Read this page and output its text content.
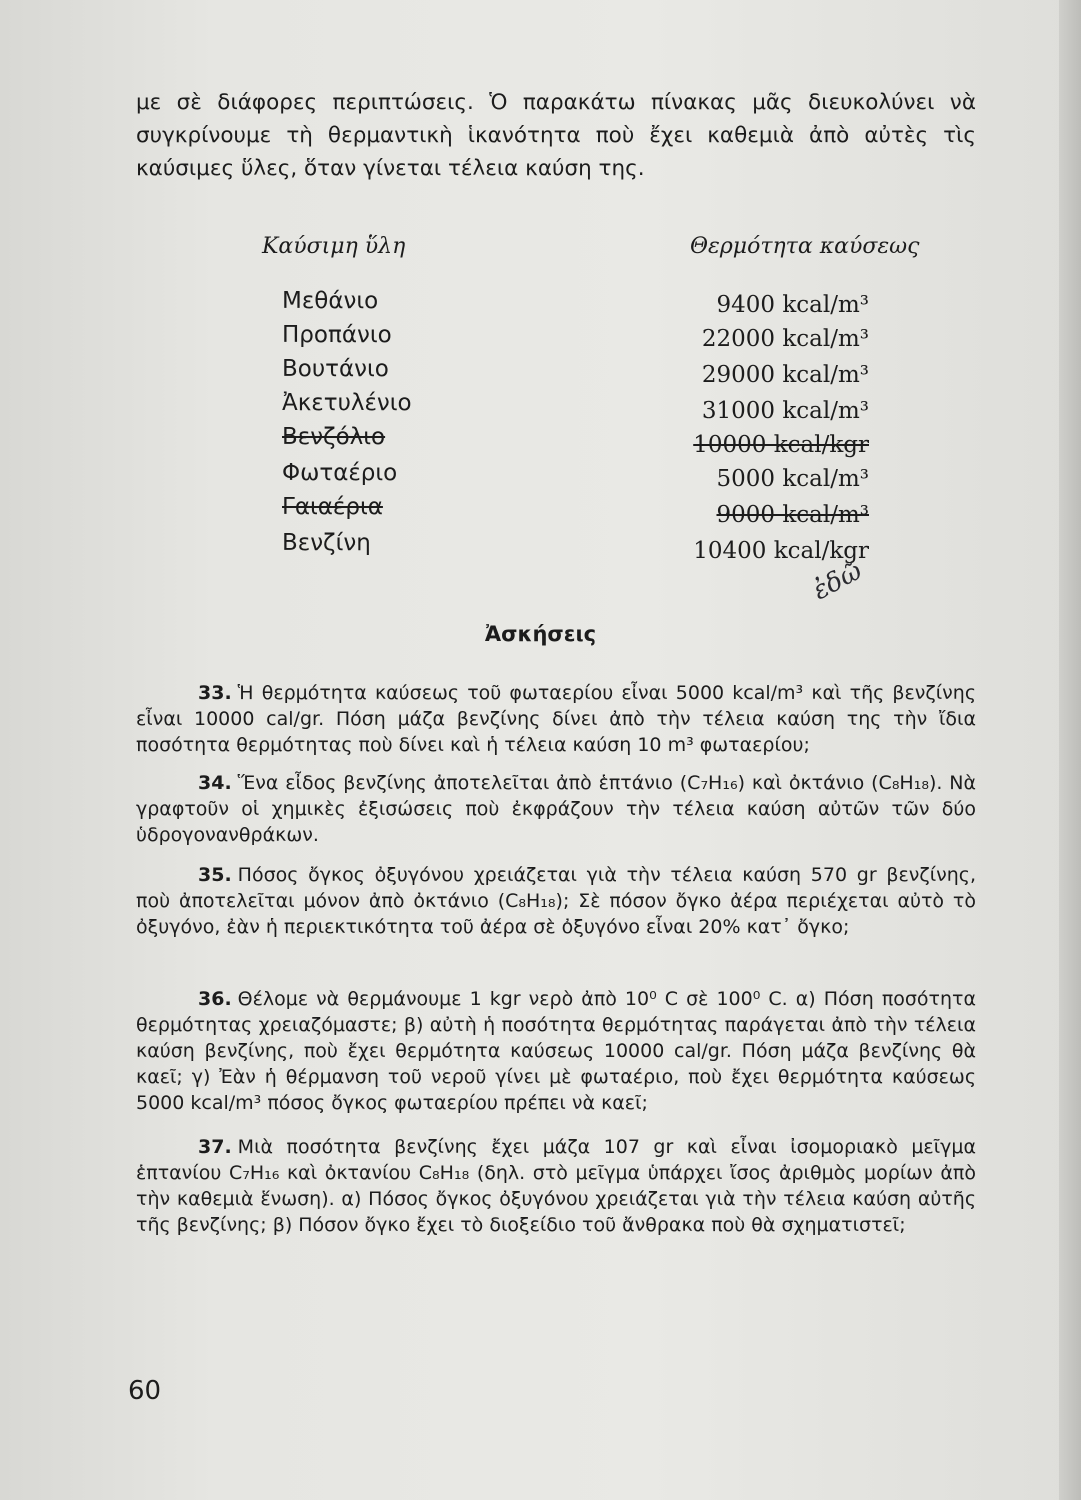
με σὲ διάφορες περιπτώσεις. Ὁ παρακάτω πίνακας μᾶς διευκολύνει νὰ συγκρίνουμε τὴ θερμαντικὴ ἱκανότητα ποὺ ἔχει καθεμιὰ ἀπὸ αὐτὲς τὶς καύσιμες ὕλες, ὅταν γίνεται τέλεια καύση της.

Καύσιμη ὕλη	Θερμότητα καύσεως
Μεθάνιο	9400 kcal/m³
Προπάνιο	22000 kcal/m³
Βουτάνιο	29000 kcal/m³
Ἀκετυλένιο	31000 kcal/m³
Βενζόλιο	10000 kcal/kgr
Φωταέριο	5000 kcal/m³
Γαιαέρια	9000 kcal/m³
Βενζίνη	10400 kcal/kgr
ἐδῶ
Ἀσκήσεις
33. Ἡ θερμότητα καύσεως τοῦ φωταερίου εἶναι 5000 kcal/m³ καὶ τῆς βενζίνης εἶναι 10000 cal/gr. Πόση μάζα βενζίνης δίνει ἀπὸ τὴν τέλεια καύση της τὴν ἴδια ποσότητα θερμότητας ποὺ δίνει καὶ ἡ τέλεια καύση 10 m³ φωταερίου;
34. Ἕνα εἶδος βενζίνης ἀποτελεῖται ἀπὸ ἑπτάνιο (C₇H₁₆) καὶ ὀκτάνιο (C₈H₁₈). Νὰ γραφτοῦν οἱ χημικὲς ἐξισώσεις ποὺ ἐκφράζουν τὴν τέλεια καύση αὐτῶν τῶν δύο ὑδρογονανθράκων.
35. Πόσος ὄγκος ὀξυγόνου χρειάζεται γιὰ τὴν τέλεια καύση 570 gr βενζίνης, ποὺ ἀποτελεῖται μόνον ἀπὸ ὀκτάνιο (C₈H₁₈); Σὲ πόσον ὄγκο ἀέρα περιέχεται αὐτὸ τὸ ὀξυγόνο, ἐὰν ἡ περιεκτικότητα τοῦ ἀέρα σὲ ὀξυγόνο εἶναι 20% κατ᾽ ὄγκο;
36. Θέλομε νὰ θερμάνουμε 1 kgr νερὸ ἀπὸ 10⁰ C σὲ 100⁰ C. α) Πόση ποσότητα θερμότητας χρειαζόμαστε; β) αὐτὴ ἡ ποσότητα θερμότητας παράγεται ἀπὸ τὴν τέλεια καύση βενζίνης, ποὺ ἔχει θερμότητα καύσεως 10000 cal/gr. Πόση μάζα βενζίνης θὰ καεῖ; γ) Ἐὰν ἡ θέρμανση τοῦ νεροῦ γίνει μὲ φωταέριο, ποὺ ἔχει θερμότητα καύσεως 5000 kcal/m³ πόσος ὄγκος φωταερίου πρέπει νὰ καεῖ;
37. Μιὰ ποσότητα βενζίνης ἔχει μάζα 107 gr καὶ εἶναι ἰσομοριακὸ μεῖγμα ἑπτανίου C₇H₁₆ καὶ ὀκτανίου C₈H₁₈ (δηλ. στὸ μεῖγμα ὑπάρχει ἴσος ἀριθμὸς μορίων ἀπὸ τὴν καθεμιὰ ἕνωση). α) Πόσος ὄγκος ὀξυγόνου χρειάζεται γιὰ τὴν τέλεια καύση αὐτῆς τῆς βενζίνης; β) Πόσον ὄγκο ἔχει τὸ διοξείδιο τοῦ ἄνθρακα ποὺ θὰ σχηματιστεῖ;
60
